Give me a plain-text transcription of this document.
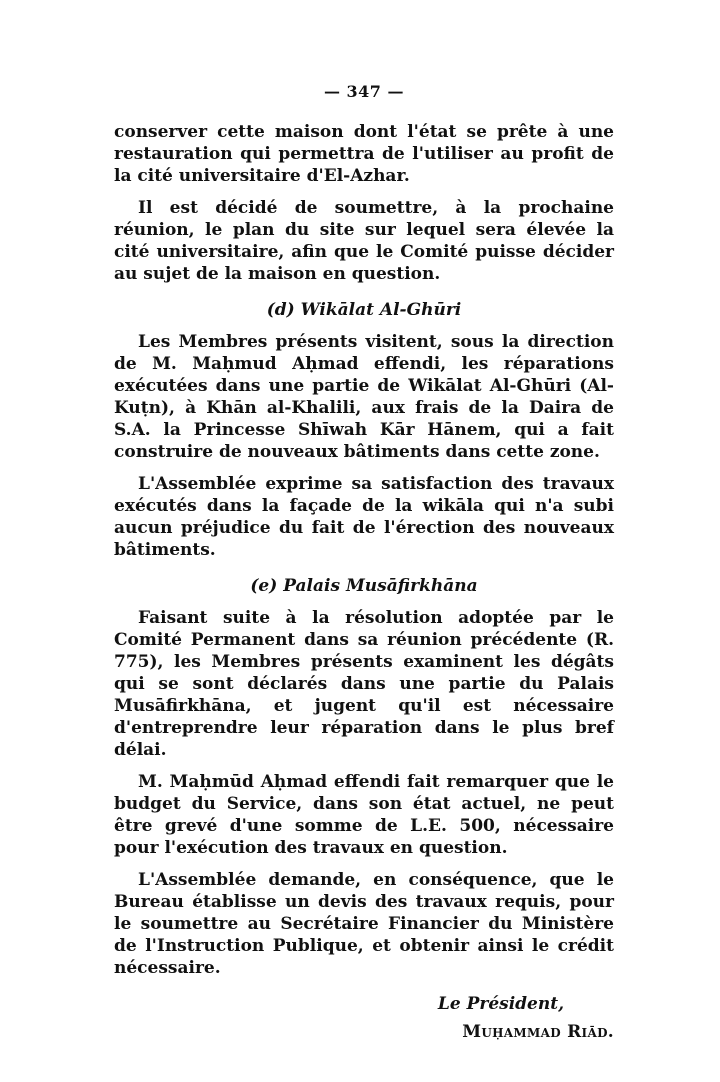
— 347 —

conserver cette maison dont l'état se prête à une restauration qui permettra de l'utiliser au profit de la cité universitaire d'El-Azhar.

Il est décidé de soumettre, à la prochaine réunion, le plan du site sur lequel sera élevée la cité universitaire, afin que le Comité puisse décider au sujet de la maison en question.

(d) Wikālat Al-Ghūri

Les Membres présents visitent, sous la direction de M. Maḥmud Aḥmad effendi, les réparations exécutées dans une partie de Wikālat Al-Ghūri (Al-Kuṭn), à Khān al-Khalili, aux frais de la Daira de S.A. la Princesse Shīwah Kār Hānem, qui a fait construire de nouveaux bâtiments dans cette zone.

L'Assemblée exprime sa satisfaction des travaux exécutés dans la façade de la wikāla qui n'a subi aucun préjudice du fait de l'érection des nouveaux bâtiments.

(e) Palais Musāfirkhāna

Faisant suite à la résolution adoptée par le Comité Permanent dans sa réunion précédente (R. 775), les Membres présents examinent les dégâts qui se sont déclarés dans une partie du Palais Musāfirkhāna, et jugent qu'il est nécessaire d'entreprendre leur réparation dans le plus bref délai.

M. Maḥmūd Aḥmad effendi fait remarquer que le budget du Service, dans son état actuel, ne peut être grevé d'une somme de L.E. 500, nécessaire pour l'exécution des travaux en question.

L'Assemblée demande, en conséquence, que le Bureau établisse un devis des travaux requis, pour le soumettre au Secrétaire Financier du Ministère de l'Instruction Publique, et obtenir ainsi le crédit nécessaire.

Le Président,
Muḥammad Riād.
